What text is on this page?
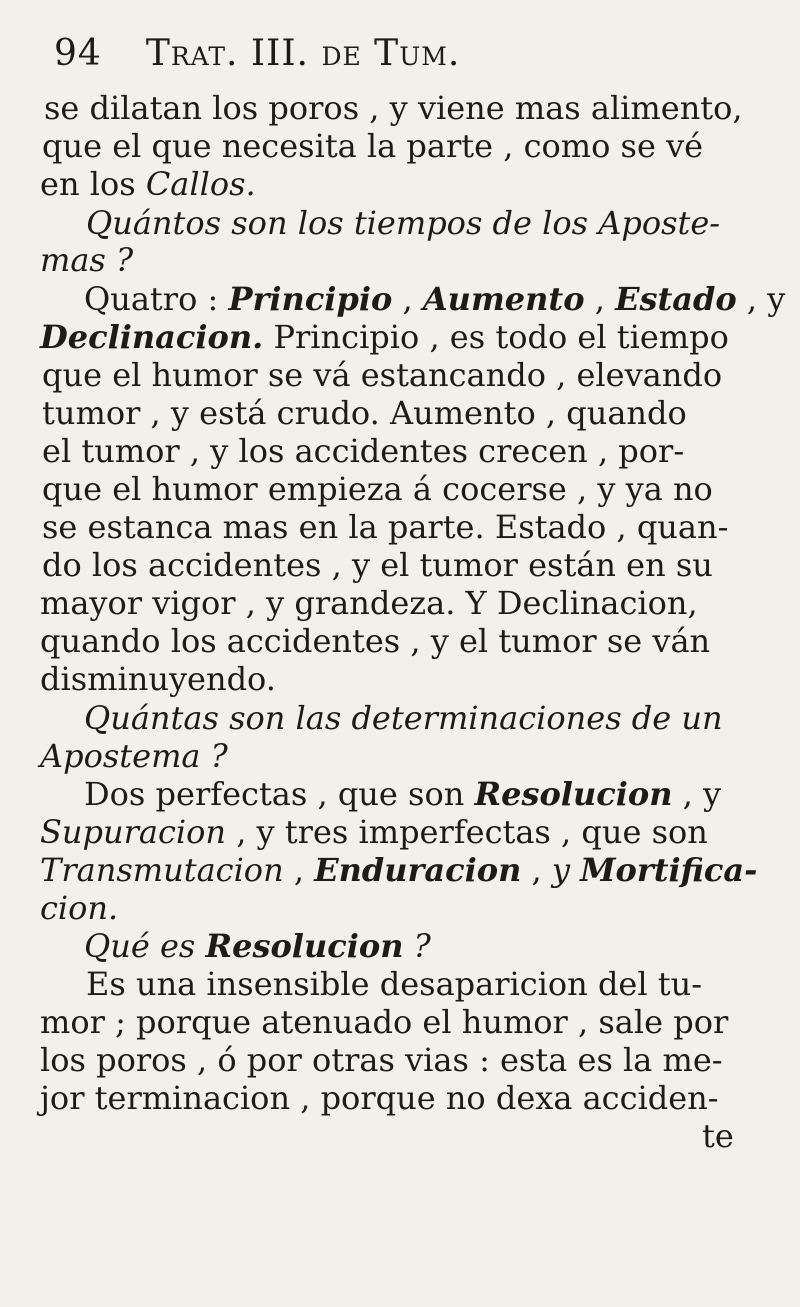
94 Trat. III. de Tum.
se dilatan los poros , y viene mas alimento,
que el que necesita la parte , como se vé
en los Callos.
Quántos son los tiempos de los Aposte-
mas ?
Quatro : Principio , Aumento , Estado , y
Declinacion. Principio , es todo el tiempo
que el humor se vá estancando , elevando
tumor , y está crudo. Aumento , quando
el tumor , y los accidentes crecen , por-
que el humor empieza á cocerse , y ya no
se estanca mas en la parte. Estado , quan-
do los accidentes , y el tumor están en su
mayor vigor , y grandeza. Y Declinacion,
quando los accidentes , y el tumor se ván
disminuyendo.
Quántas son las determinaciones de un
Apostema ?
Dos perfectas , que son Resolucion , y
Supuracion , y tres imperfectas , que son
Transmutacion , Enduracion , y Mortifica-
cion.
Qué es Resolucion ?
Es una insensible desaparicion del tu-
mor ; porque atenuado el humor , sale por
los poros , ó por otras vias : esta es la me-
jor terminacion , porque no dexa acciden-
te
